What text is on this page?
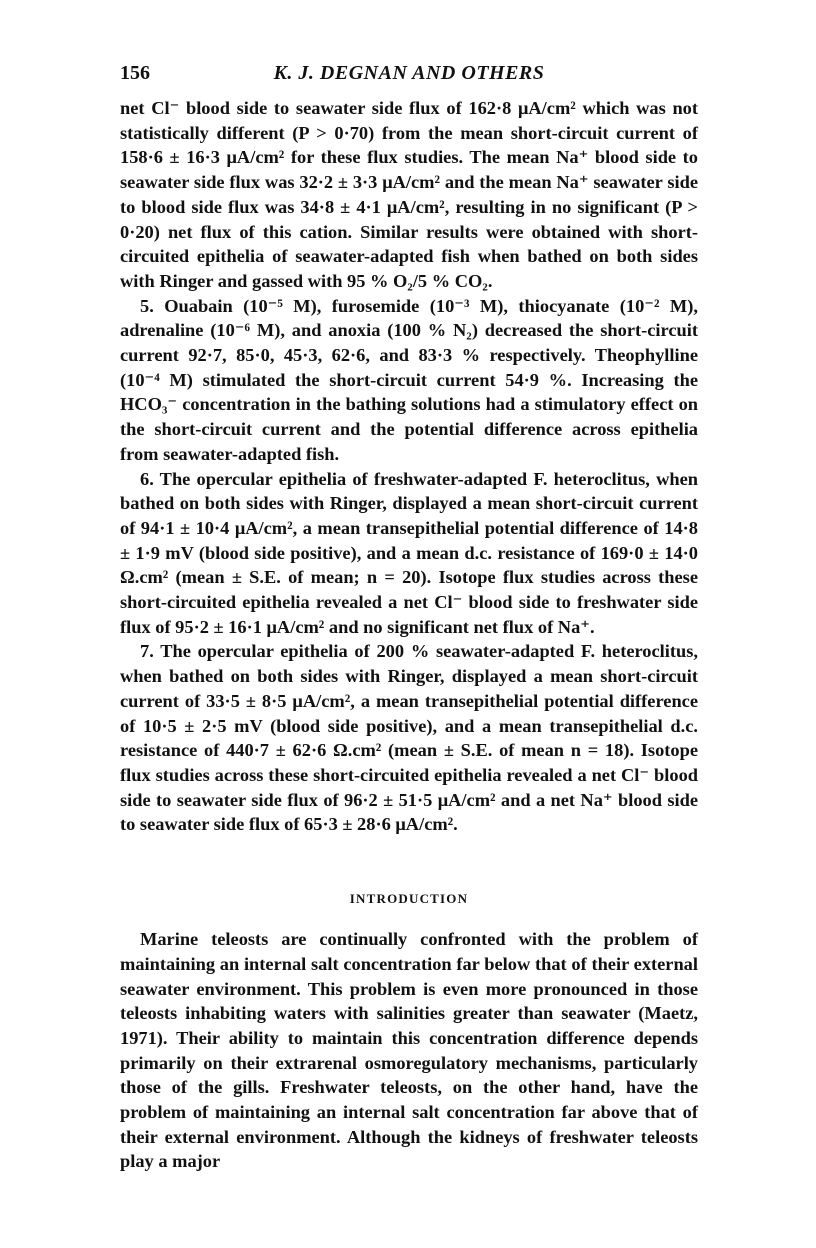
156	K. J. DEGNAN AND OTHERS

net Cl⁻ blood side to seawater side flux of 162·8 μA/cm² which was not statistically different (P > 0·70) from the mean short-circuit current of 158·6 ± 16·3 μA/cm² for these flux studies. The mean Na⁺ blood side to seawater side flux was 32·2 ± 3·3 μA/cm² and the mean Na⁺ seawater side to blood side flux was 34·8 ± 4·1 μA/cm², resulting in no significant (P > 0·20) net flux of this cation. Similar results were obtained with short-circuited epithelia of seawater-adapted fish when bathed on both sides with Ringer and gassed with 95 % O₂/5 % CO₂.

5. Ouabain (10⁻⁵ M), furosemide (10⁻³ M), thiocyanate (10⁻² M), adrenaline (10⁻⁶ M), and anoxia (100 % N₂) decreased the short-circuit current 92·7, 85·0, 45·3, 62·6, and 83·3 % respectively. Theophylline (10⁻⁴ M) stimulated the short-circuit current 54·9 %. Increasing the HCO₃⁻ concentration in the bathing solutions had a stimulatory effect on the short-circuit current and the potential difference across epithelia from seawater-adapted fish.

6. The opercular epithelia of freshwater-adapted F. heteroclitus, when bathed on both sides with Ringer, displayed a mean short-circuit current of 94·1 ± 10·4 μA/cm², a mean transepithelial potential difference of 14·8 ± 1·9 mV (blood side positive), and a mean d.c. resistance of 169·0 ± 14·0 Ω.cm² (mean ± S.E. of mean; n = 20). Isotope flux studies across these short-circuited epithelia revealed a net Cl⁻ blood side to freshwater side flux of 95·2 ± 16·1 μA/cm² and no significant net flux of Na⁺.

7. The opercular epithelia of 200 % seawater-adapted F. heteroclitus, when bathed on both sides with Ringer, displayed a mean short-circuit current of 33·5 ± 8·5 μA/cm², a mean transepithelial potential difference of 10·5 ± 2·5 mV (blood side positive), and a mean transepithelial d.c. resistance of 440·7 ± 62·6 Ω.cm² (mean ± S.E. of mean n = 18). Isotope flux studies across these short-circuited epithelia revealed a net Cl⁻ blood side to seawater side flux of 96·2 ± 51·5 μA/cm² and a net Na⁺ blood side to seawater side flux of 65·3 ± 28·6 μA/cm².

INTRODUCTION

Marine teleosts are continually confronted with the problem of maintaining an internal salt concentration far below that of their external seawater environment. This problem is even more pronounced in those teleosts inhabiting waters with salinities greater than seawater (Maetz, 1971). Their ability to maintain this concentration difference depends primarily on their extrarenal osmoregulatory mechanisms, particularly those of the gills. Freshwater teleosts, on the other hand, have the problem of maintaining an internal salt concentration far above that of their external environment. Although the kidneys of freshwater teleosts play a major
